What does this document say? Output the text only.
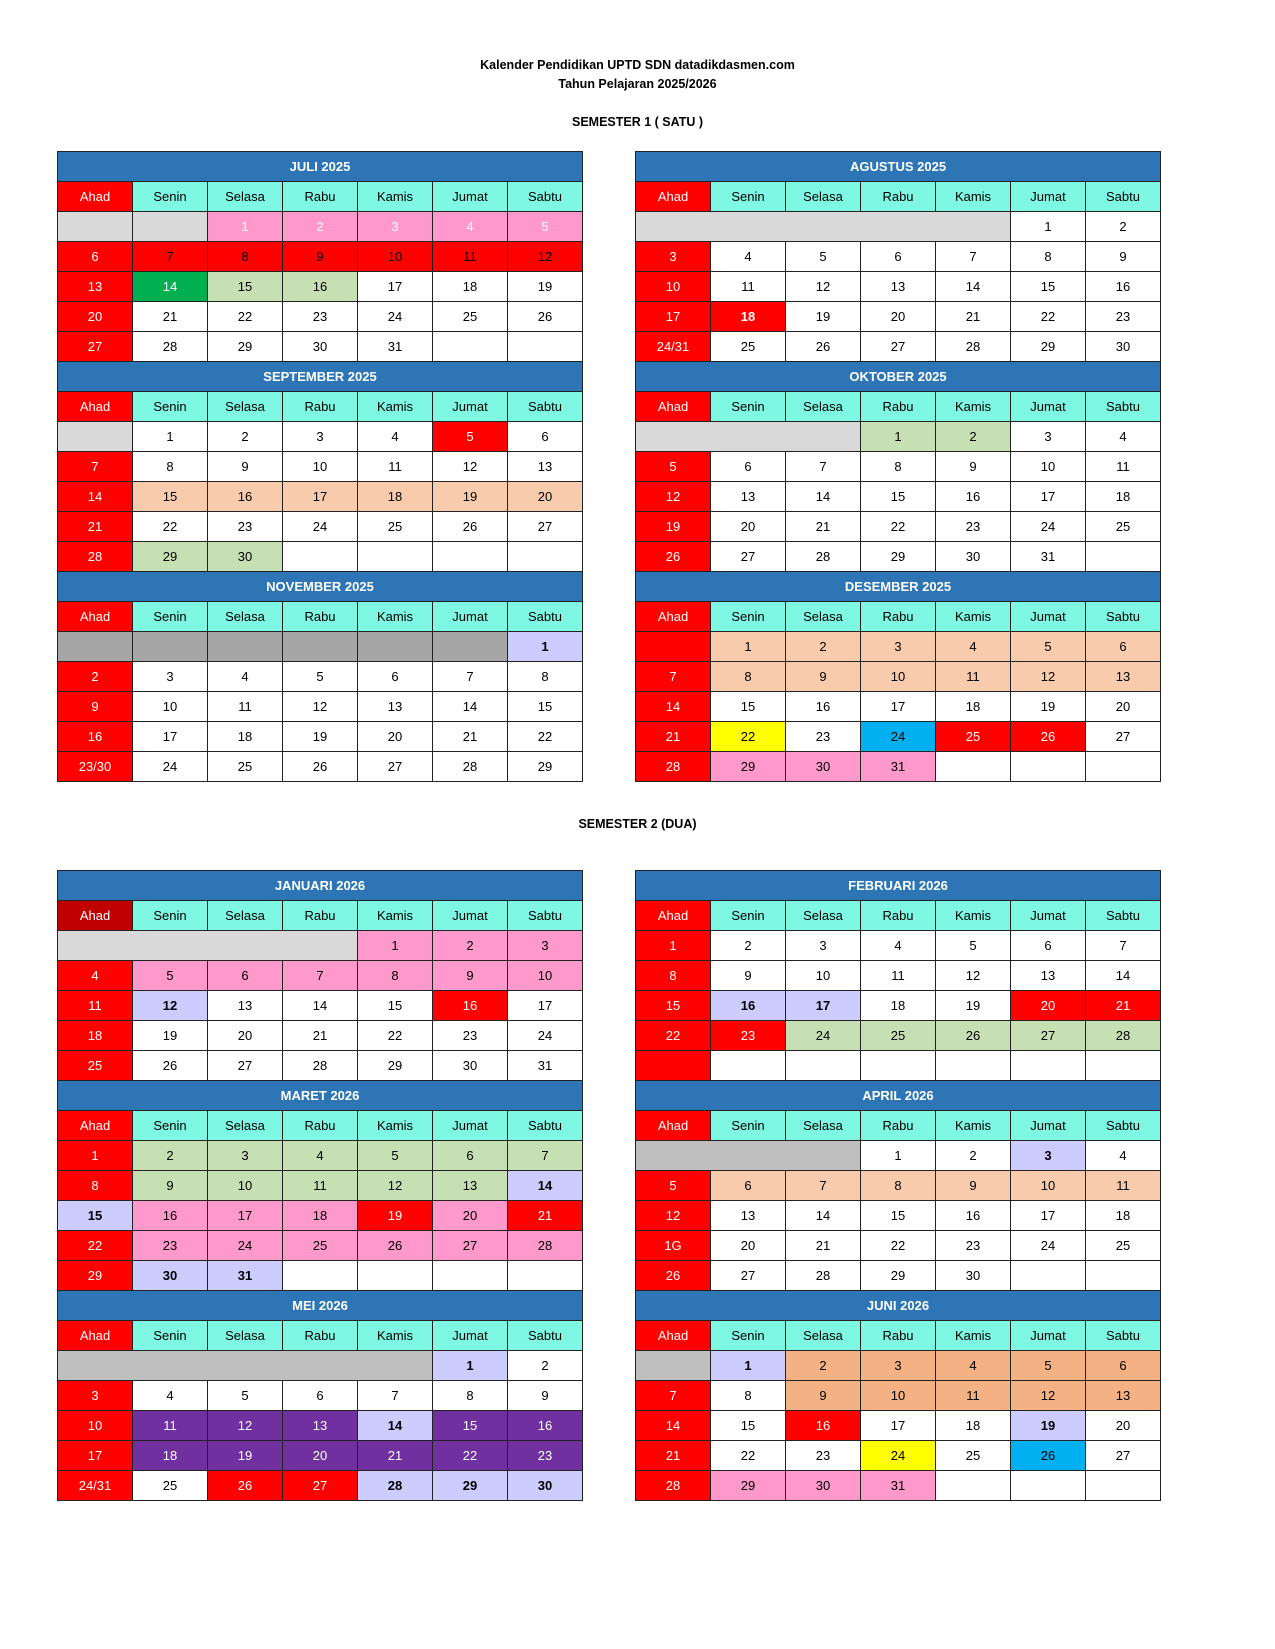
Kalender Pendidikan UPTD SDN datadikdasmen.com
Tahun Pelajaran 2025/2026
SEMESTER 1 ( SATU )
SEMESTER 2 (DUA)
JULI 2025						
Ahad	Senin	Selasa	Rabu	Kamis	Jumat	Sabtu
		1	2	3	4	5
6	7	8	9	10	11	12
13	14	15	16	17	18	19
20	21	22	23	24	25	26
27	28	29	30	31		
AGUSTUS 2025						
Ahad	Senin	Selasa	Rabu	Kamis	Jumat	Sabtu
					1	2
3	4	5	6	7	8	9
10	11	12	13	14	15	16
17	18	19	20	21	22	23
24/31	25	26	27	28	29	30
SEPTEMBER 2025						
Ahad	Senin	Selasa	Rabu	Kamis	Jumat	Sabtu
	1	2	3	4	5	6
7	8	9	10	11	12	13
14	15	16	17	18	19	20
21	22	23	24	25	26	27
28	29	30				
OKTOBER 2025						
Ahad	Senin	Selasa	Rabu	Kamis	Jumat	Sabtu
			1	2	3	4
5	6	7	8	9	10	11
12	13	14	15	16	17	18
19	20	21	22	23	24	25
26	27	28	29	30	31	
NOVEMBER 2025						
Ahad	Senin	Selasa	Rabu	Kamis	Jumat	Sabtu
						1
2	3	4	5	6	7	8
9	10	11	12	13	14	15
16	17	18	19	20	21	22
23/30	24	25	26	27	28	29
DESEMBER 2025						
Ahad	Senin	Selasa	Rabu	Kamis	Jumat	Sabtu
	1	2	3	4	5	6
7	8	9	10	11	12	13
14	15	16	17	18	19	20
21	22	23	24	25	26	27
28	29	30	31			
JANUARI 2026						
Ahad	Senin	Selasa	Rabu	Kamis	Jumat	Sabtu
				1	2	3
4	5	6	7	8	9	10
11	12	13	14	15	16	17
18	19	20	21	22	23	24
25	26	27	28	29	30	31
FEBRUARI 2026						
Ahad	Senin	Selasa	Rabu	Kamis	Jumat	Sabtu
1	2	3	4	5	6	7
8	9	10	11	12	13	14
15	16	17	18	19	20	21
22	23	24	25	26	27	28

MARET 2026						
Ahad	Senin	Selasa	Rabu	Kamis	Jumat	Sabtu
1	2	3	4	5	6	7
8	9	10	11	12	13	14
15	16	17	18	19	20	21
22	23	24	25	26	27	28
29	30	31				
APRIL 2026						
Ahad	Senin	Selasa	Rabu	Kamis	Jumat	Sabtu
			1	2	3	4
5	6	7	8	9	10	11
12	13	14	15	16	17	18
1G	20	21	22	23	24	25
26	27	28	29	30		
MEI 2026						
Ahad	Senin	Selasa	Rabu	Kamis	Jumat	Sabtu
					1	2
3	4	5	6	7	8	9
10	11	12	13	14	15	16
17	18	19	20	21	22	23
24/31	25	26	27	28	29	30
JUNI 2026						
Ahad	Senin	Selasa	Rabu	Kamis	Jumat	Sabtu
	1	2	3	4	5	6
7	8	9	10	11	12	13
14	15	16	17	18	19	20
21	22	23	24	25	26	27
28	29	30	31			
